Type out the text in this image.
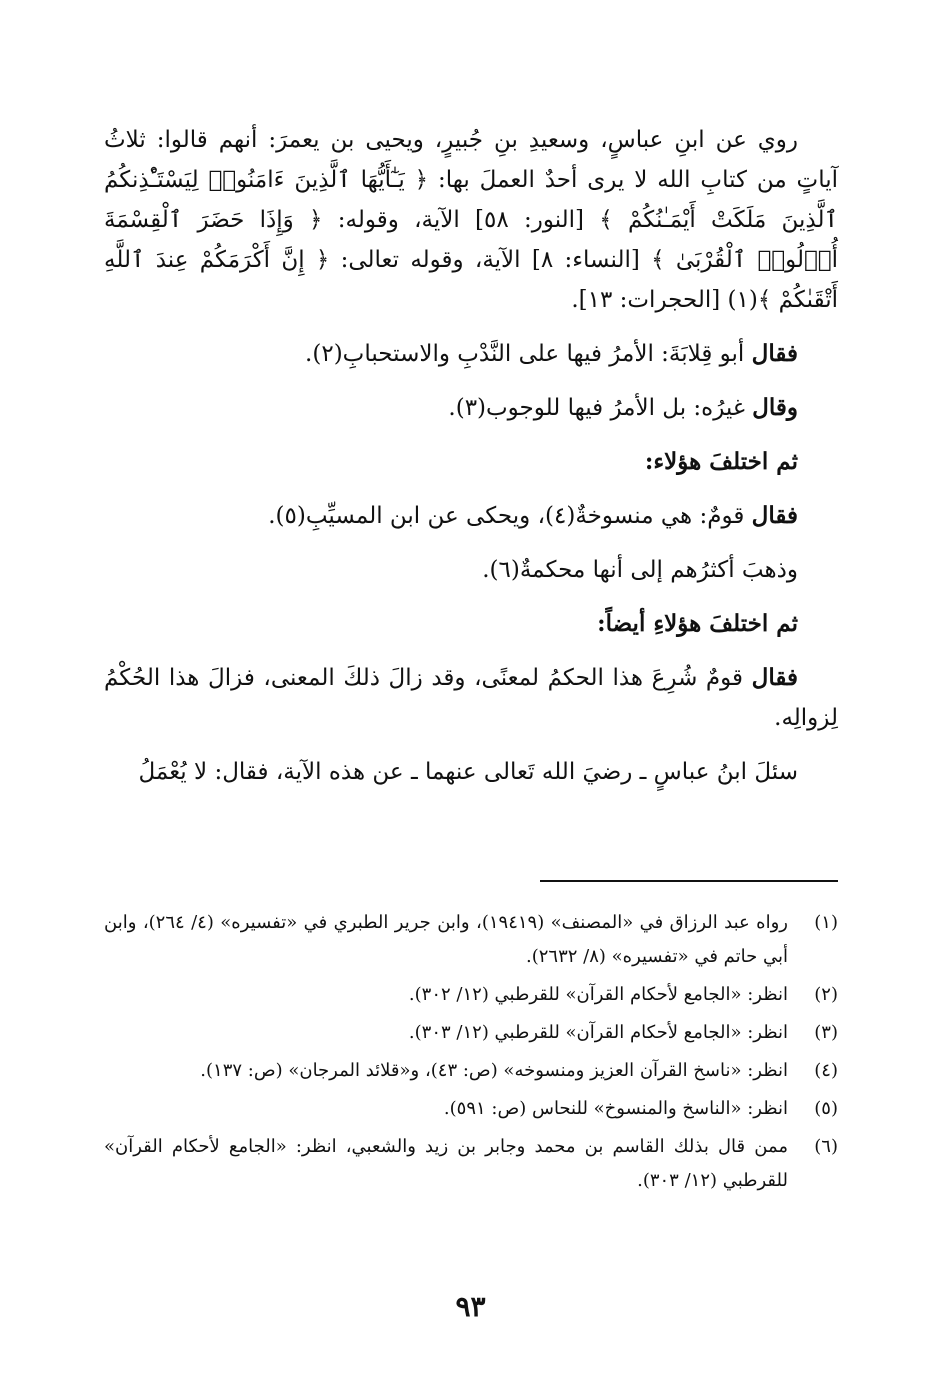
روي عن ابنِ عباسٍ، وسعيدِ بنِ جُبيرٍ، ويحيى بن يعمرَ: أنهم قالوا: ثلاثُ آياتٍ من كتابِ الله لا يرى أحدٌ العملَ بها: ﴿ يَـٰٓأَيُّهَا ٱلَّذِينَ ءَامَنُوا۟ لِيَسْتَـْٔذِنكُمُ ٱلَّذِينَ مَلَكَتْ أَيْمَـٰنُكُمْ ﴾ [النور: ٥٨] الآية، وقوله: ﴿ وَإِذَا حَضَرَ ٱلْقِسْمَةَ أُو۟لُوا۟ ٱلْقُرْبَىٰ ﴾ [النساء: ٨] الآية، وقوله تعالى: ﴿ إِنَّ أَكْرَمَكُمْ عِندَ ٱللَّهِ أَتْقَىٰكُمْ ﴾(١) [الحجرات: ١٣].

فقال أبو قِلابَةَ: الأمرُ فيها على النَّدْبِ والاستحبابِ(٢).

وقال غيرُه: بل الأمرُ فيها للوجوب(٣).

ثم اختلفَ هؤلاء:

فقال قومٌ: هي منسوخةٌ(٤)، ويحكى عن ابن المسيِّبِ(٥).

وذهبَ أكثرُهم إلى أنها محكمةٌ(٦).

ثم اختلفَ هؤلاءِ أيضاً:

فقال قومٌ شُرِعَ هذا الحكمُ لمعنًى، وقد زالَ ذلكَ المعنى، فزالَ هذا الحُكْمُ لِزوالِه.

سئلَ ابنُ عباسٍ ـ رضيَ الله تَعالى عنهما ـ عن هذه الآية، فقال: لا يُعْمَلُ

(١)
رواه عبد الرزاق في «المصنف» (١٩٤١٩)، وابن جرير الطبري في «تفسيره» (٤/ ٢٦٤)، وابن أبي حاتم في «تفسيره» (٨/ ٢٦٣٢).
(٢)
انظر: «الجامع لأحكام القرآن» للقرطبي (١٢/ ٣٠٢).
(٣)
انظر: «الجامع لأحكام القرآن» للقرطبي (١٢/ ٣٠٣).
(٤)
انظر: «ناسخ القرآن العزيز ومنسوخه» (ص: ٤٣)، و«قلائد المرجان» (ص: ١٣٧).
(٥)
انظر: «الناسخ والمنسوخ» للنحاس (ص: ٥٩١).
(٦)
ممن قال بذلك القاسم بن محمد وجابر بن زيد والشعبي، انظر: «الجامع لأحكام القرآن» للقرطبي (١٢/ ٣٠٣).
٩٣
